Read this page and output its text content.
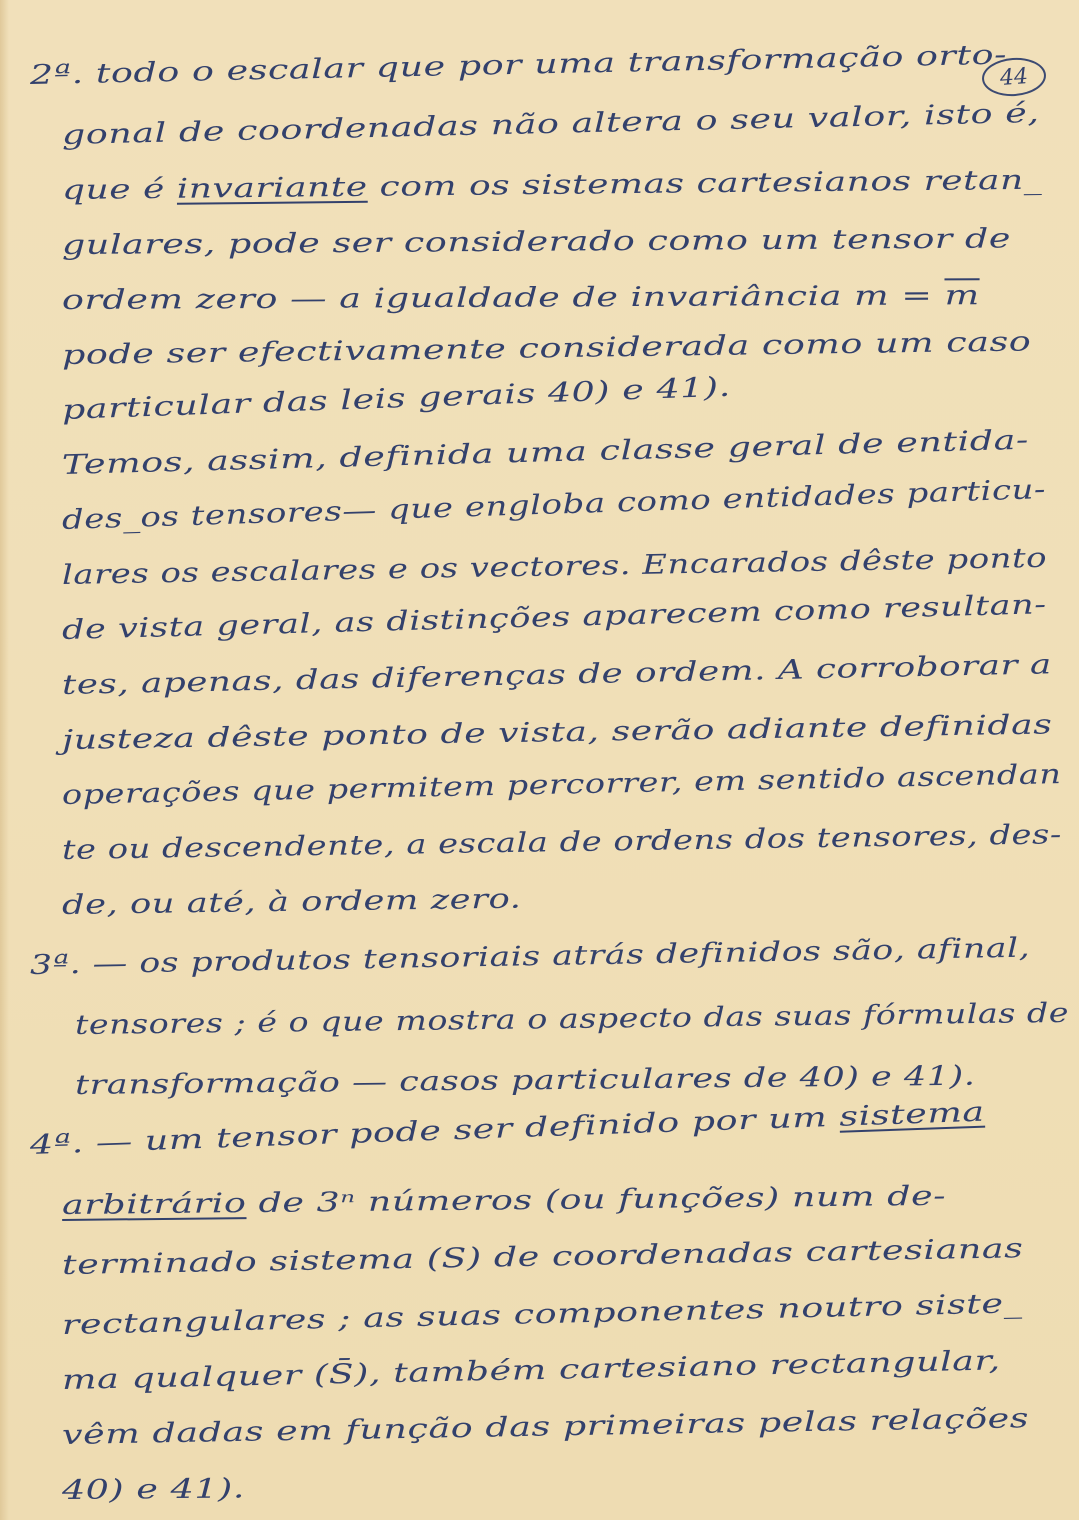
44
2ª. todo o escalar que por uma transformação orto-
gonal de coordenadas não altera o seu valor, isto é,
que é invariante com os sistemas cartesianos retan_
gulares, pode ser considerado como um tensor de
ordem zero — a igualdade de invariância $m = \overline{m}$
pode ser efectivamente considerada como um caso
particular das leis gerais 40) e 41).
Temos, assim, definida uma classe geral de entida-
des_os tensores— que engloba como entidades particu-
lares os escalares e os vectores. Encarados dêste ponto
de vista geral, as distinções aparecem como resultan-
tes, apenas, das diferenças de ordem. A corroborar a
justeza dêste ponto de vista, serão adiante definidas
operações que permitem percorrer, em sentido ascendan
te ou descendente, a escala de ordens dos tensores, des-
de, ou até, à ordem zero.
3ª. — os produtos tensoriais atrás definidos são, afinal,
tensores ; é o que mostra o aspecto das suas fórmulas de
transformação — casos particulares de 40) e 41).
4ª. — um tensor pode ser definido por um sistema
arbitrário de 3ⁿ números (ou funções) num de-
terminado sistema (S) de coordenadas cartesianas
rectangulares ; as suas componentes noutro siste_
ma qualquer (S̄), também cartesiano rectangular,
vêm dadas em função das primeiras pelas relações
40) e 41).
